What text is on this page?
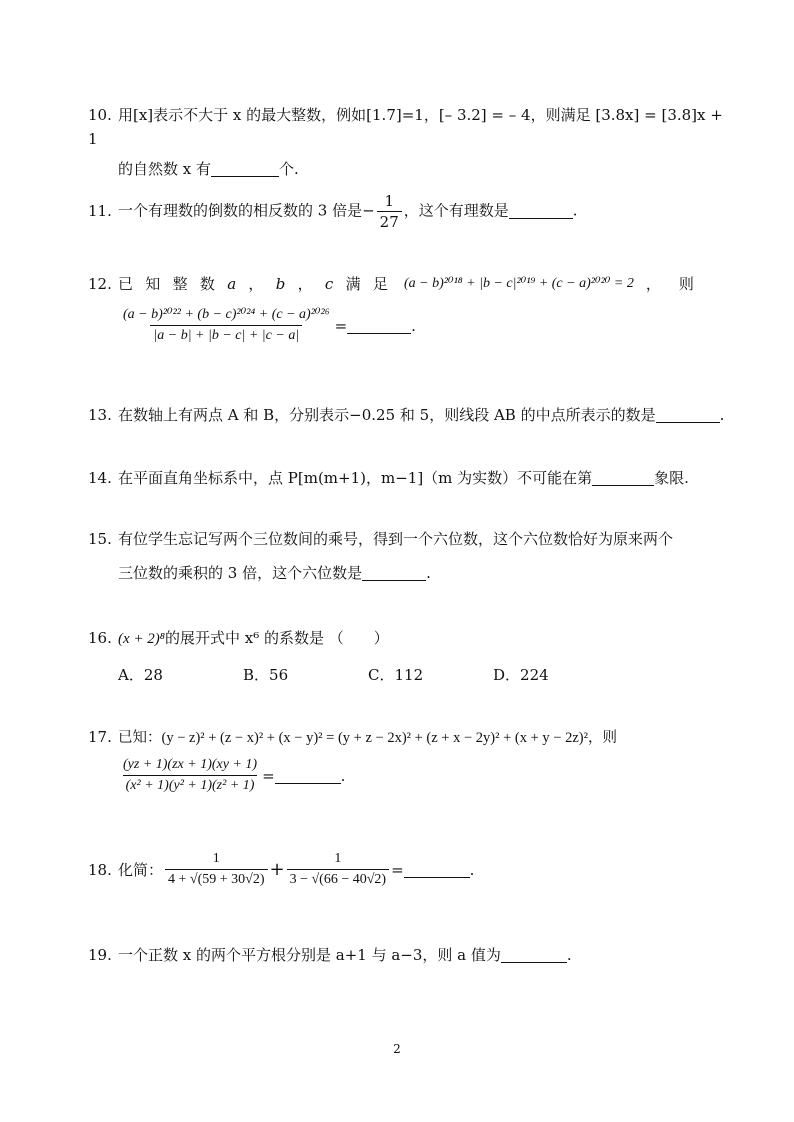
10. 用[x]表示不大于 x 的最大整数，例如[1.7]=1，[– 3.2] = – 4，则满足 [3.8x] = [3.8]x + 1
的自然数 x 有	个.
11. 一个有理数的倒数的相反数的 3 倍是− $\frac{1}{27}$ ，这个有理数是	.
12. 已 知 整 数 a ， b ， c 满 足 (a − b)²⁰¹⁸ + |b − c|²⁰¹⁹ + (c − a)²⁰²⁰ = 2 ， 则
$\frac{\text{(a − b)²⁰²² + (b − c)²⁰²⁴ + (c − a)²⁰²⁶}}{|a - b| + |b - c| + |c - a|}$ =	.
13. 在数轴上有两点 A 和 B，分别表示−0.25 和 5，则线段 AB 的中点所表示的数是	.
14. 在平面直角坐标系中，点 P[m(m+1)，m−1]（m 为实数）不可能在第	象限.
15. 有位学生忘记写两个三位数间的乘号，得到一个六位数，这个六位数恰好为原来两个
三位数的乘积的 3 倍，这个六位数是	.
16. (x + 2)⁸的展开式中 x⁶ 的系数是 （　　）
A．28	B．56	C．112	D．224
17. 已知：(y − z)² + (z − x)² + (x − y)² = (y + z − 2x)² + (z + x − 2y)² + (x + y − 2z)²，则
$\frac{(yz + 1)(zx + 1)(xy + 1)}{\text{(x² + 1)(y² + 1)(z² + 1)}}$ =	.
18. 化简： $\frac{1}{4 + √(59 + 30√2)} + \frac{1}{3 - √(66 - 40√2)}$ =	.
19. 一个正数 x 的两个平方根分别是 a+1 与 a−3，则 a 值为	.
2
